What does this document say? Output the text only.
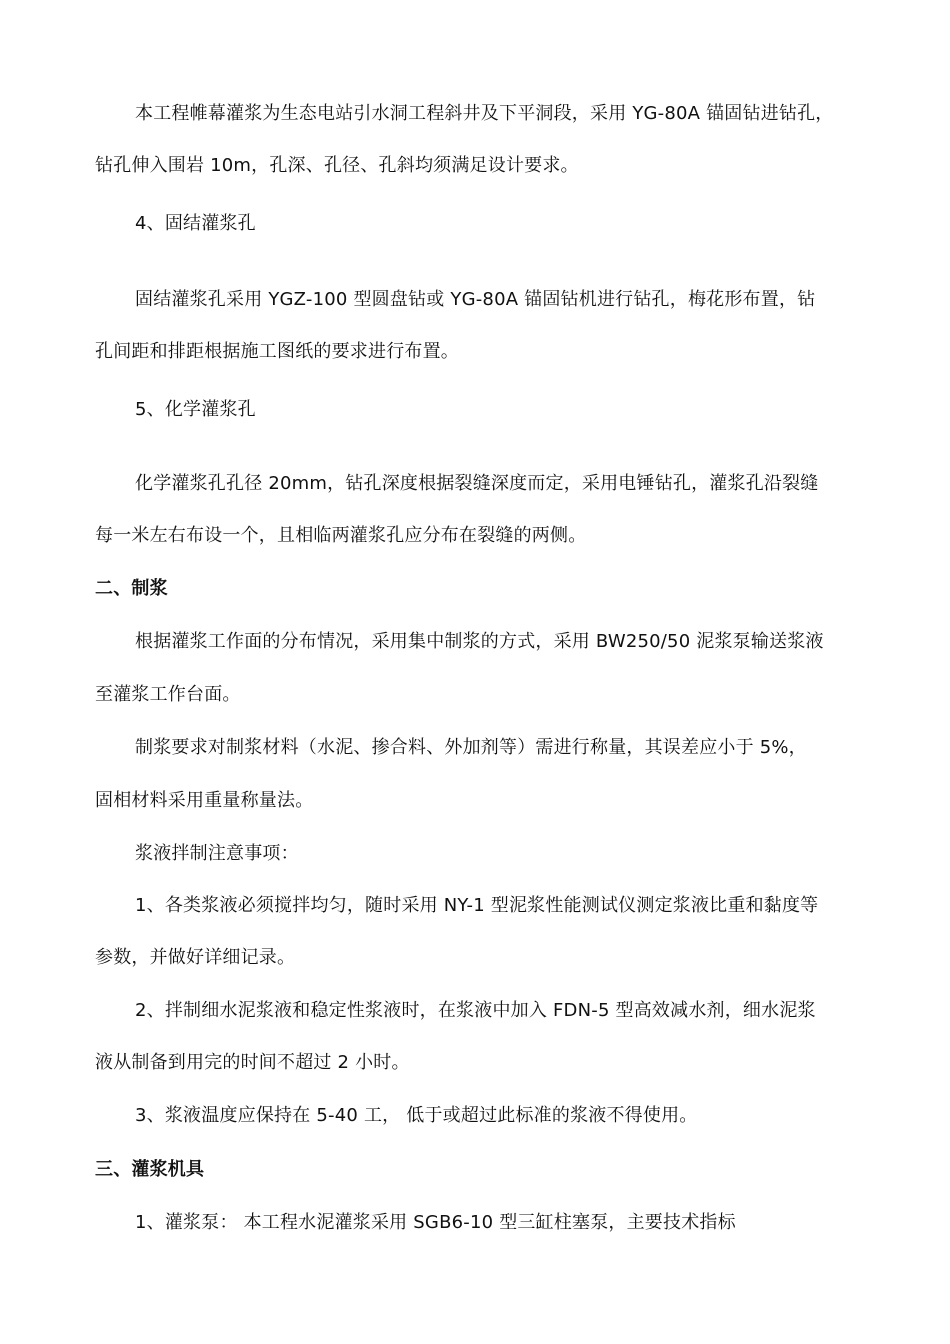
本工程帷幕灌浆为生态电站引水洞工程斜井及下平洞段，采用 YG-80A 锚固钻进钻孔，
钻孔伸入围岩 10m，孔深、孔径、孔斜均须满足设计要求。
4、固结灌浆孔
固结灌浆孔采用 YGZ-100 型圆盘钻或 YG-80A 锚固钻机进行钻孔，梅花形布置，钻
孔间距和排距根据施工图纸的要求进行布置。
5、化学灌浆孔
化学灌浆孔孔径 20mm，钻孔深度根据裂缝深度而定，采用电锤钻孔，灌浆孔沿裂缝
每一米左右布设一个，且相临两灌浆孔应分布在裂缝的两侧。
二、制浆
根据灌浆工作面的分布情况，采用集中制浆的方式，采用 BW250/50 泥浆泵输送浆液
至灌浆工作台面。
制浆要求对制浆材料（水泥、掺合料、外加剂等）需进行称量，其误差应小于 5%，
固相材料采用重量称量法。
浆液拌制注意事项：
1、各类浆液必须搅拌均匀，随时采用 NY-1 型泥浆性能测试仪测定浆液比重和黏度等
参数，并做好详细记录。
2、拌制细水泥浆液和稳定性浆液时，在浆液中加入 FDN-5 型高效减水剂，细水泥浆
液从制备到用完的时间不超过 2 小时。
3、浆液温度应保持在 5-40 工， 低于或超过此标准的浆液不得使用。
三、灌浆机具
1、灌浆泵： 本工程水泥灌浆采用 SGB6-10 型三缸柱塞泵，主要技术指标
